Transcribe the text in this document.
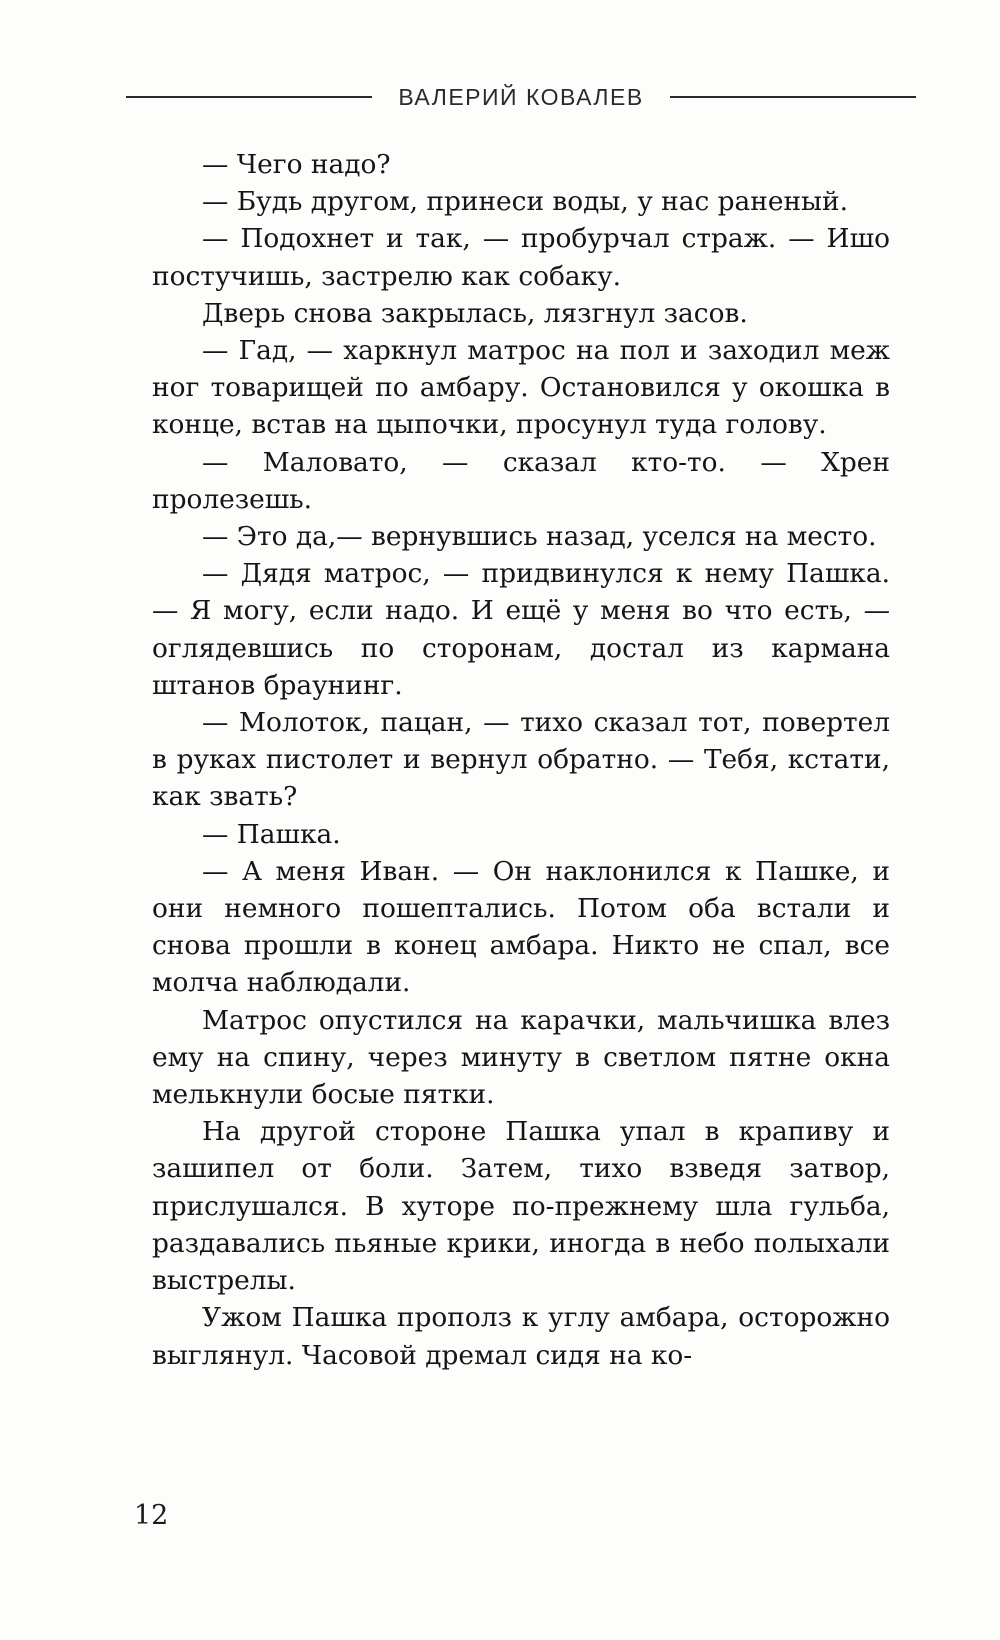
ВАЛЕРИЙ КОВАЛЕВ

— Чего надо?

— Будь другом, принеси воды, у нас раненый.

— Подохнет и так, — пробурчал страж. — Ишо постучишь, застрелю как собаку.

Дверь снова закрылась, лязгнул засов.

— Гад, — харкнул матрос на пол и заходил меж ног товарищей по амбару. Остановился у окошка в конце, встав на цыпочки, просунул туда голову.

— Маловато, — сказал кто-то. — Хрен пролезешь.

— Это да,— вернувшись назад, уселся на место.

— Дядя матрос, — придвинулся к нему Пашка. — Я могу, если надо. И ещё у меня во что есть, — оглядевшись по сторонам, достал из кармана штанов браунинг.

— Молоток, пацан, — тихо сказал тот, повертел в руках пистолет и вернул обратно. — Тебя, кстати, как звать?

— Пашка.

— А меня Иван. — Он наклонился к Пашке, и они немного пошептались. Потом оба встали и снова прошли в конец амбара. Никто не спал, все молча наблюдали.

Матрос опустился на карачки, мальчишка влез ему на спину, через минуту в светлом пятне окна мелькнули босые пятки.

На другой стороне Пашка упал в крапиву и зашипел от боли. Затем, тихо взведя затвор, прислушался. В хуторе по-прежнему шла гульба, раздавались пьяные крики, иногда в небо полыхали выстрелы.

Ужом Пашка прополз к углу амбара, осторожно выглянул. Часовой дремал сидя на ко-

12
